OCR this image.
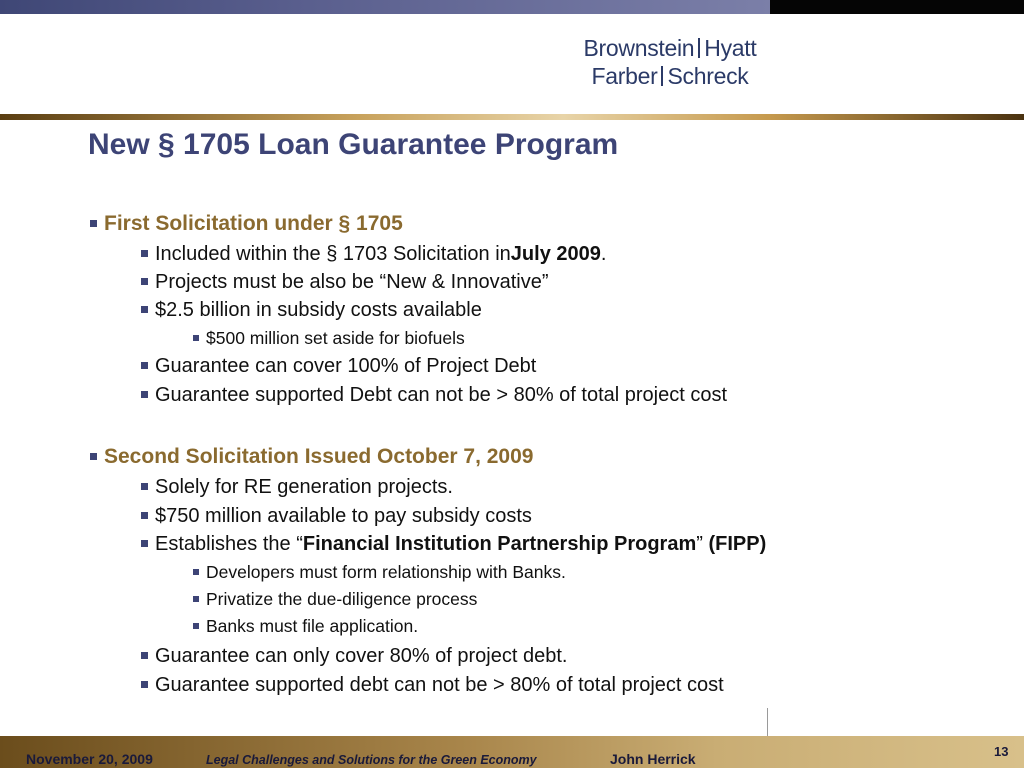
Brownstein Hyatt
Farber Schreck
New § 1705 Loan Guarantee Program
First Solicitation under § 1705
Included within the § 1703 Solicitation in July 2009 .
Projects must be also be “New & Innovative”
$2.5 billion in subsidy costs available
$500 million set aside for biofuels
Guarantee can cover 100% of Project Debt
Guarantee supported Debt can not be > 80% of total project cost
Second Solicitation Issued October 7, 2009
Solely for RE generation projects.
$750 million available to pay subsidy costs
Establishes the “ Financial Institution Partnership Program ” (FIPP)
Developers must form relationship with Banks.
Privatize the due-diligence process
Banks must file application.
Guarantee can only cover 80% of project debt.
Guarantee supported debt can not be > 80% of total project cost
November 20, 2009	Legal Challenges and Solutions for the Green Economy	John Herrick	13
